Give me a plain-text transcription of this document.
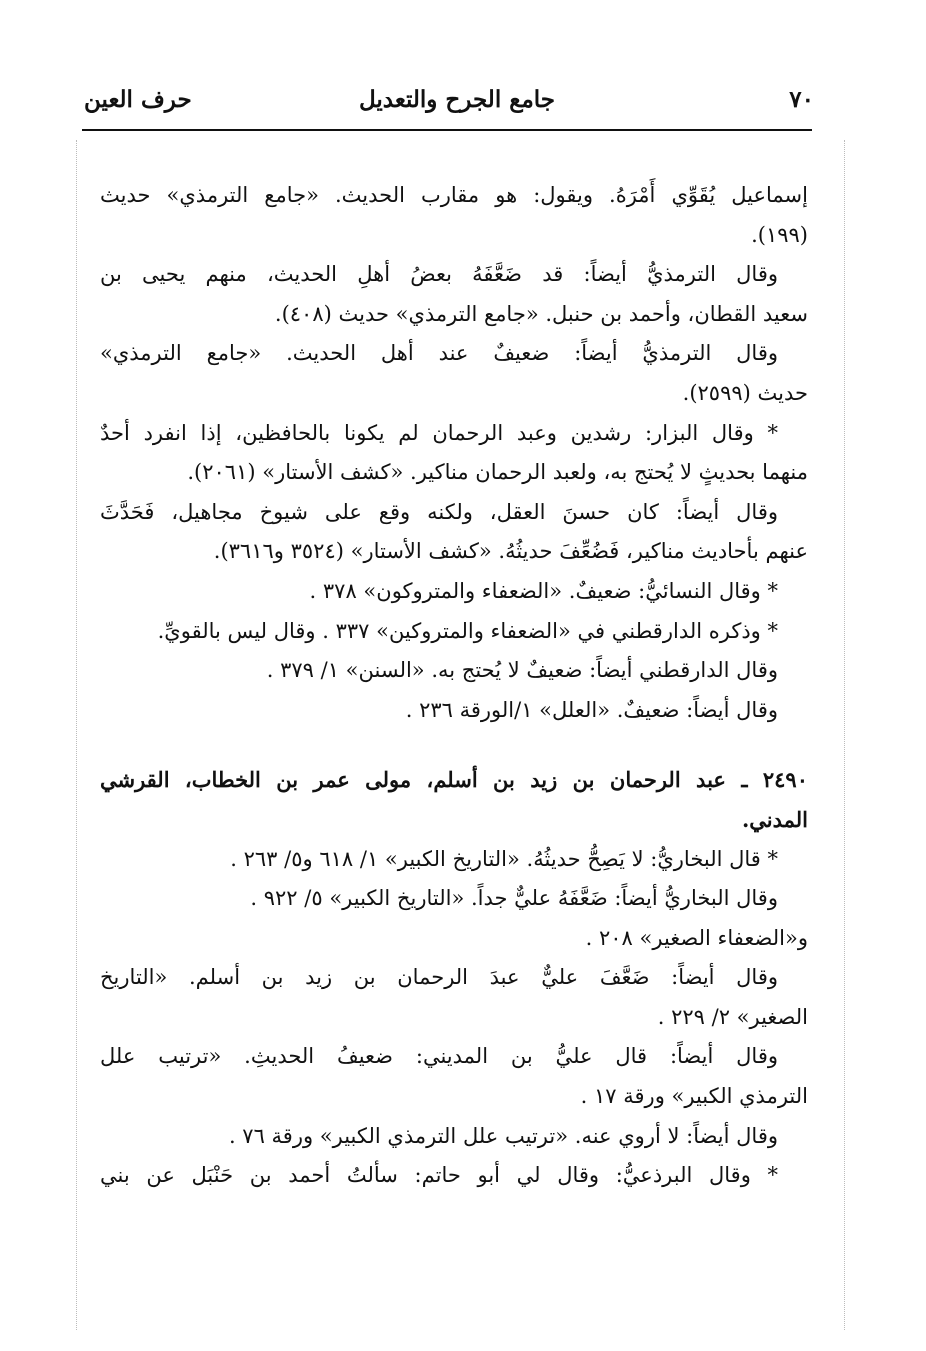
٧٠
جامع الجرح والتعديل
حرف العين
إسماعيل يُقَوِّي أَمْرَهُ. ويقول: هو مقارب الحديث. «جامع الترمذي» حديث
(١٩٩).
وقال الترمذيُّ أيضاً: قد ضَعَّفَهُ بعضُ أهلِ الحديث، منهم يحيى بن
سعيد القطان، وأحمد بن حنبل. «جامع الترمذي» حديث (٤٠٨).
وقال الترمذيُّ أيضاً: ضعيفٌ عند أهل الحديث. «جامع الترمذي»
حديث (٢٥٩٩).
* وقال البزار: رشدين وعبد الرحمان لم يكونا بالحافظين، إذا انفرد أحدٌ
منهما بحديثٍ لا يُحتج به، ولعبد الرحمان مناكير. «كشف الأستار» (٢٠٦١).
وقال أيضاً: كان حسنَ العقل، ولكنه وقع على شيوخ مجاهيل، فَحَدَّثَ
عنهم بأحاديث مناكير، فَضُعِّفَ حديثُهُ. «كشف الأستار» (٣٥٢٤ و٣٦١٦).
* وقال النسائيُّ: ضعيفٌ. «الضعفاء والمتروكون» ٣٧٨ .
* وذكره الدارقطني في «الضعفاء والمتروكين» ٣٣٧ . وقال ليس بالقويِّ.
وقال الدارقطني أيضاً: ضعيفٌ لا يُحتج به. «السنن» ١/ ٣٧٩ .
وقال أيضاً: ضعيفٌ. «العلل» ١/الورقة ٢٣٦ .
٢٤٩٠ ـ عبد الرحمان بن زيد بن أسلم، مولى عمر بن الخطاب، القرشي
المدني.
* قال البخاريُّ: لا يَصِحُّ حديثُهُ. «التاريخ الكبير» ١/ ٦١٨ و٥/ ٢٦٣ .
وقال البخاريُّ أيضاً: ضَعَّفَهُ عليٌّ جداً. «التاريخ الكبير» ٥/ ٩٢٢ .
و«الضعفاء الصغير» ٢٠٨ .
وقال أيضاً: ضَعَّفَ عليٌّ عبدَ الرحمان بن زيد بن أسلم. «التاريخ
الصغير» ٢/ ٢٢٩ .
وقال أيضاً: قال عليُّ بن المديني: ضعيفُ الحديثِ. «ترتيب علل
الترمذي الكبير» ورقة ١٧ .
وقال أيضاً: لا أروي عنه. «ترتيب علل الترمذي الكبير» ورقة ٧٦ .
* وقال البرذعيُّ: وقال لي أبو حاتم: سألتُ أحمد بن حَنْبَل عن بني
